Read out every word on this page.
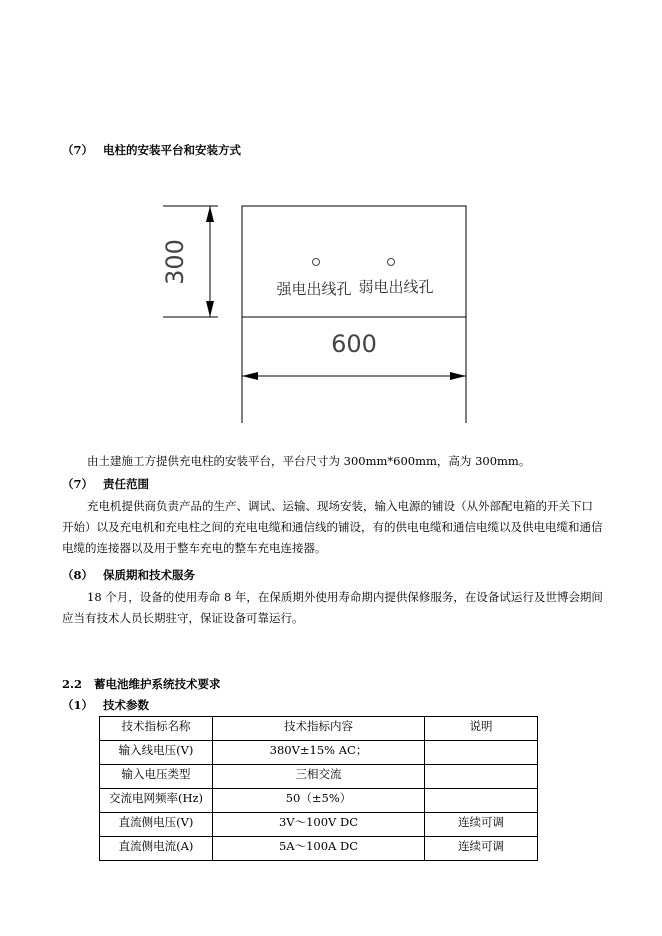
（7） 电柱的安装平台和安装方式
300
600
强电出线孔 弱电出线孔
由土建施工方提供充电柱的安装平台，平台尺寸为 300mm*600mm，高为 300mm。
（7） 责任范围
充电机提供商负责产品的生产、调试、运输、现场安装，输入电源的铺设（从外部配电箱的开关下口开始）以及充电机和充电柱之间的充电电缆和通信线的铺设，有的供电电缆和通信电缆以及供电电缆和通信电缆的连接器以及用于整车充电的整车充电连接器。
（8） 保质期和技术服务
18 个月，设备的使用寿命 8 年，在保质期外使用寿命期内提供保修服务，在设备试运行及世博会期间应当有技术人员长期驻守，保证设备可靠运行。
2.2 蓄电池维护系统技术要求
（1） 技术参数
技术指标名称	技术指标内容	说明
输入线电压(V)	380V±15% AC；	
输入电压类型	三相交流	
交流电网频率(Hz)	50（±5%）	
直流侧电压(V)	3V～100V DC	连续可调
直流侧电流(A)	5A～100A DC	连续可调
